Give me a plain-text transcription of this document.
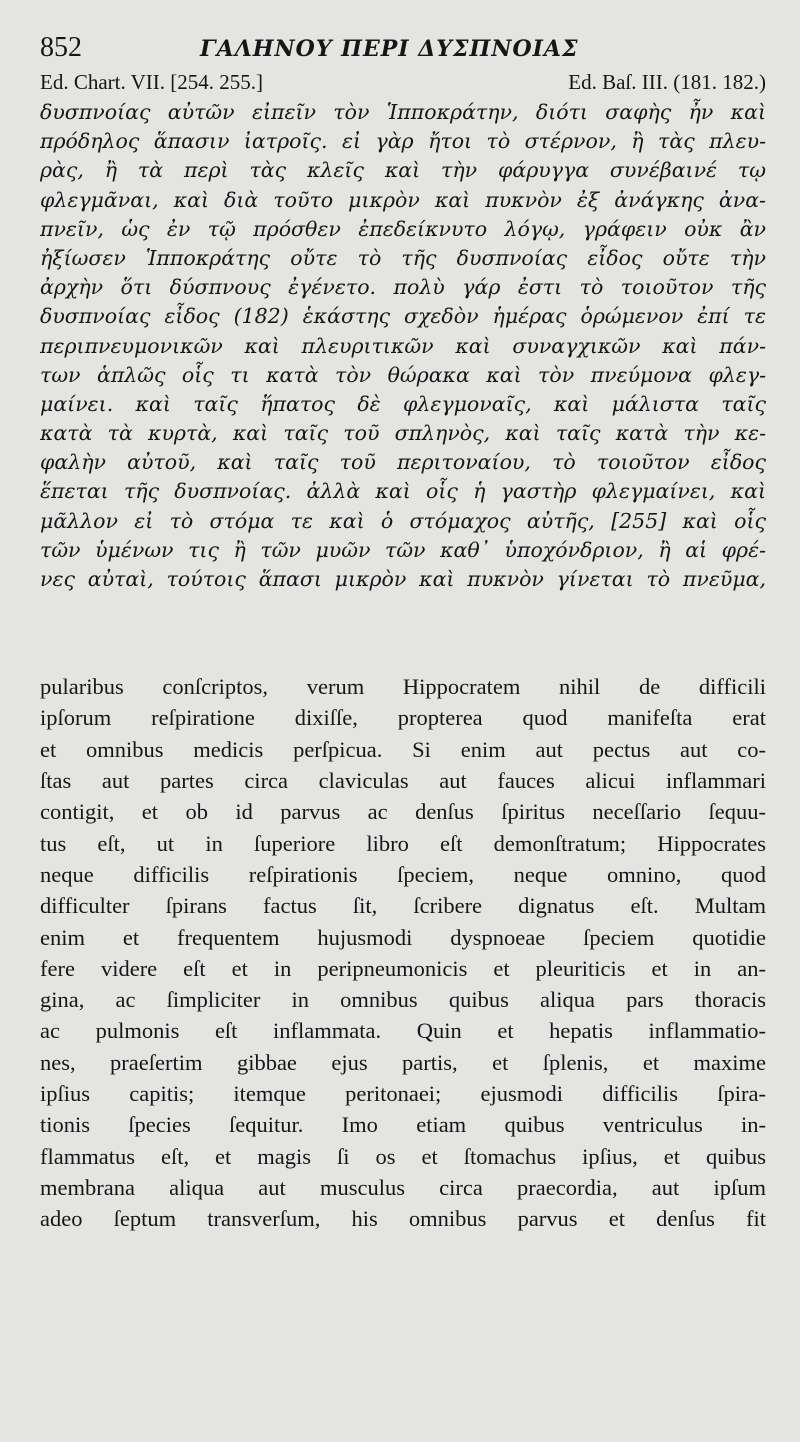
852	ΓΑΛΗΝΟΥ ΠΕΡΙ ΔΥΣΠΝΟΙΑΣ
Ed. Chart. VII. [254. 255.]	Ed. Baſ. III. (181. 182.)
δυσπνοίας αὐτῶν εἰπεῖν τὸν Ἱπποκράτην, διότι σαφὴς ἦν καὶ
πρόδηλος ἅπασιν ἰατροῖς. εἰ γὰρ ἤτοι τὸ στέρνον, ἢ τὰς πλευ-
ρὰς, ἢ τὰ περὶ τὰς κλεῖς καὶ τὴν φάρυγγα συνέβαινέ τῳ
φλεγμᾶναι, καὶ διὰ τοῦτο μικρὸν καὶ πυκνὸν ἐξ ἀνάγκης ἀνα-
πνεῖν, ὡς ἐν τῷ πρόσθεν ἐπεδείκνυτο λόγῳ, γράφειν οὐκ ἂν
ἠξίωσεν Ἱπποκράτης οὔτε τὸ τῆς δυσπνοίας εἶδος οὔτε τὴν
ἀρχὴν ὅτι δύσπνους ἐγένετο. πολὺ γάρ ἐστι τὸ τοιοῦτον τῆς
δυσπνοίας εἶδος (182) ἑκάστης σχεδὸν ἡμέρας ὁρώμενον ἐπί τε
περιπνευμονικῶν καὶ πλευριτικῶν καὶ συναγχικῶν καὶ πάν-
των ἁπλῶς οἷς τι κατὰ τὸν θώρακα καὶ τὸν πνεύμονα φλεγ-
μαίνει. καὶ ταῖς ἥπατος δὲ φλεγμοναῖς, καὶ μάλιστα ταῖς
κατὰ τὰ κυρτὰ, καὶ ταῖς τοῦ σπληνὸς, καὶ ταῖς κατὰ τὴν κε-
φαλὴν αὐτοῦ, καὶ ταῖς τοῦ περιτοναίου, τὸ τοιοῦτον εἶδος
ἕπεται τῆς δυσπνοίας. ἀλλὰ καὶ οἷς ἡ γαστὴρ φλεγμαίνει, καὶ
μᾶλλον εἰ τὸ στόμα τε καὶ ὁ στόμαχος αὐτῆς, [255] καὶ οἷς
τῶν ὑμένων τις ἢ τῶν μυῶν τῶν καθ᾽ ὑποχόνδριον, ἢ αἱ φρέ-
νες αὐταὶ, τούτοις ἅπασι μικρὸν καὶ πυκνὸν γίνεται τὸ πνεῦμα,
pularibus conſcriptos, verum Hippocratem nihil de difficili
ipſorum reſpiratione dixiſſe, propterea quod manifeſta erat
et omnibus medicis perſpicua. Si enim aut pectus aut co-
ſtas aut partes circa claviculas aut fauces alicui inflammari
contigit, et ob id parvus ac denſus ſpiritus neceſſario ſequu-
tus eſt, ut in ſuperiore libro eſt demonſtratum; Hippocrates
neque difficilis reſpirationis ſpeciem, neque omnino, quod
difficulter ſpirans factus ſit, ſcribere dignatus eſt. Multam
enim et frequentem hujusmodi dyspnoeae ſpeciem quotidie
fere videre eſt et in peripneumonicis et pleuriticis et in an-
gina, ac ſimpliciter in omnibus quibus aliqua pars thoracis
ac pulmonis eſt inflammata. Quin et hepatis inflammatio-
nes, praeſertim gibbae ejus partis, et ſplenis, et maxime
ipſius capitis; itemque peritonaei; ejusmodi difficilis ſpira-
tionis ſpecies ſequitur. Imo etiam quibus ventriculus in-
flammatus eſt, et magis ſi os et ſtomachus ipſius, et quibus
membrana aliqua aut musculus circa praecordia, aut ipſum
adeo ſeptum transverſum, his omnibus parvus et denſus fit
